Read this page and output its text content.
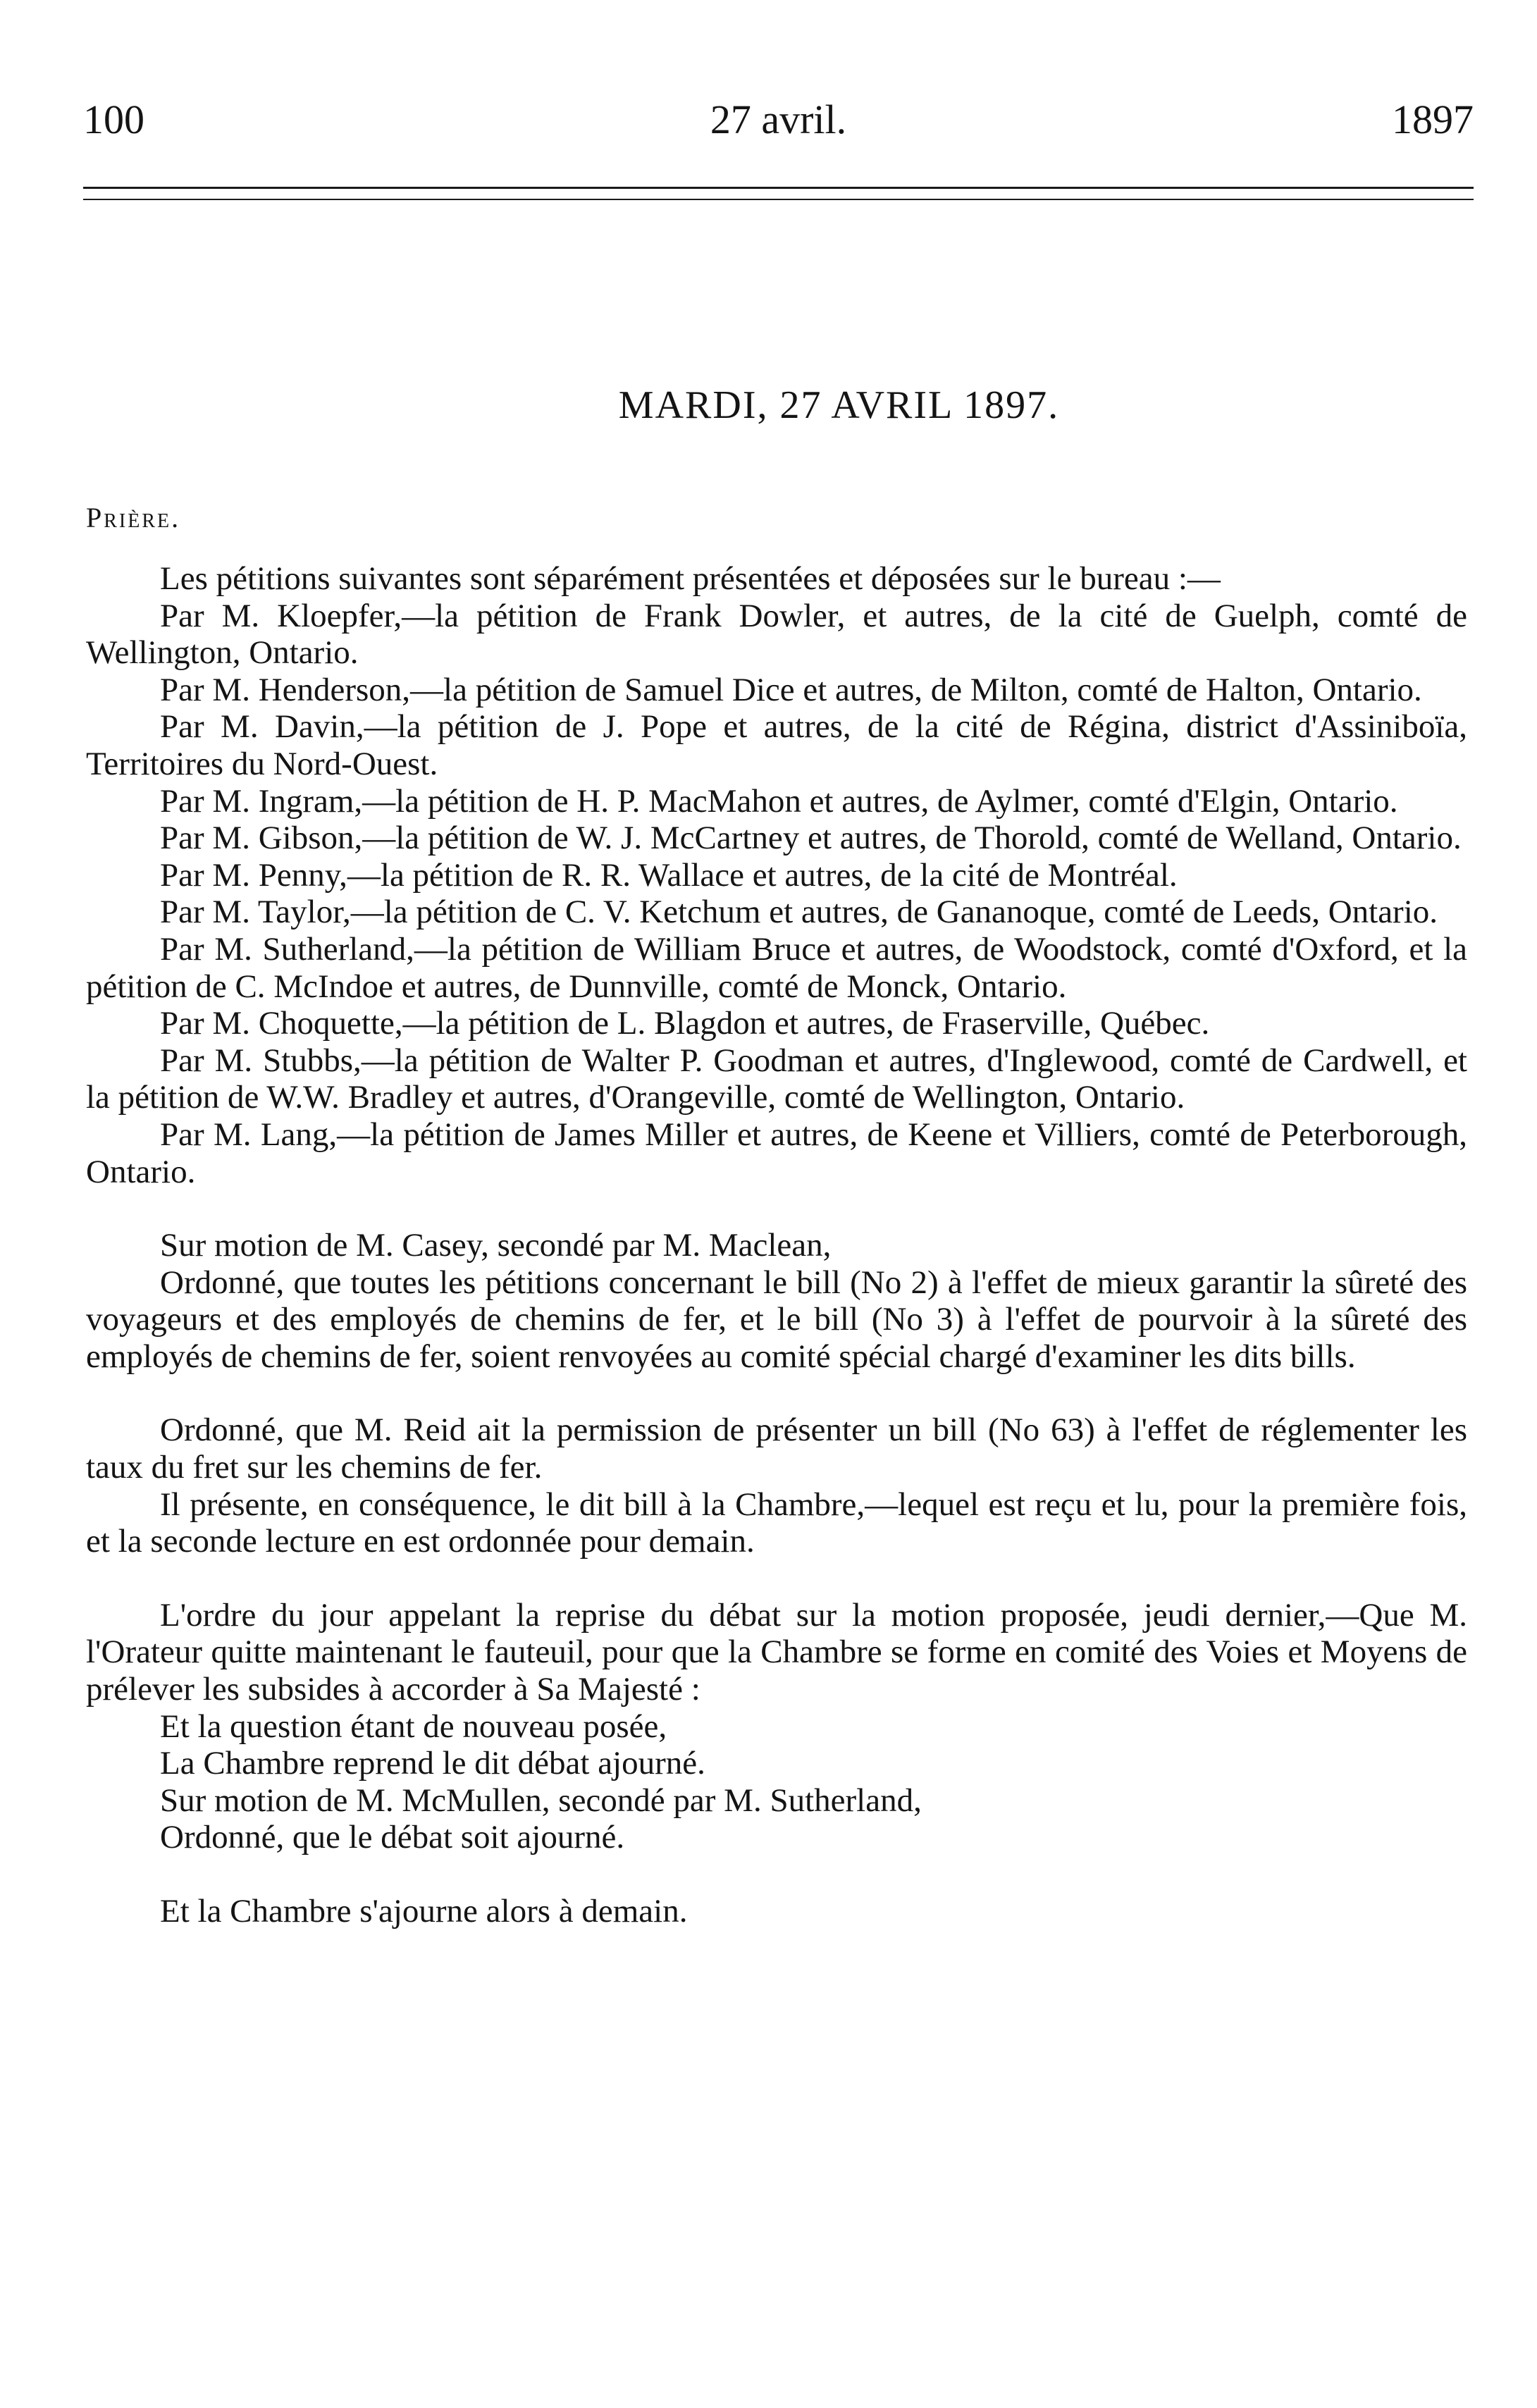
100	27 avril.	1897
MARDI, 27 AVRIL 1897.
Prière.

Les pétitions suivantes sont séparément présentées et déposées sur le bureau :—

Par M. Kloepfer,—la pétition de Frank Dowler, et autres, de la cité de Guelph, comté de Wellington, Ontario.

Par M. Henderson,—la pétition de Samuel Dice et autres, de Milton, comté de Halton, Ontario.

Par M. Davin,—la pétition de J. Pope et autres, de la cité de Régina, district d'Assiniboïa, Territoires du Nord-Ouest.

Par M. Ingram,—la pétition de H. P. MacMahon et autres, de Aylmer, comté d'Elgin, Ontario.

Par M. Gibson,—la pétition de W. J. McCartney et autres, de Thorold, comté de Welland, Ontario.

Par M. Penny,—la pétition de R. R. Wallace et autres, de la cité de Montréal.

Par M. Taylor,—la pétition de C. V. Ketchum et autres, de Gananoque, comté de Leeds, Ontario.

Par M. Sutherland,—la pétition de William Bruce et autres, de Woodstock, comté d'Oxford, et la pétition de C. McIndoe et autres, de Dunnville, comté de Monck, Ontario.

Par M. Choquette,—la pétition de L. Blagdon et autres, de Fraserville, Québec.

Par M. Stubbs,—la pétition de Walter P. Goodman et autres, d'Inglewood, comté de Cardwell, et la pétition de W.W. Bradley et autres, d'Orangeville, comté de Wellington, Ontario.

Par M. Lang,—la pétition de James Miller et autres, de Keene et Villiers, comté de Peterborough, Ontario.

Sur motion de M. Casey, secondé par M. Maclean,

Ordonné, que toutes les pétitions concernant le bill (No 2) à l'effet de mieux garantir la sûreté des voyageurs et des employés de chemins de fer, et le bill (No 3) à l'effet de pourvoir à la sûreté des employés de chemins de fer, soient renvoyées au comité spécial chargé d'examiner les dits bills.

Ordonné, que M. Reid ait la permission de présenter un bill (No 63) à l'effet de réglementer les taux du fret sur les chemins de fer.

Il présente, en conséquence, le dit bill à la Chambre,—lequel est reçu et lu, pour la première fois, et la seconde lecture en est ordonnée pour demain.

L'ordre du jour appelant la reprise du débat sur la motion proposée, jeudi dernier,—Que M. l'Orateur quitte maintenant le fauteuil, pour que la Chambre se forme en comité des Voies et Moyens de prélever les subsides à accorder à Sa Majesté :

Et la question étant de nouveau posée,

La Chambre reprend le dit débat ajourné.

Sur motion de M. McMullen, secondé par M. Sutherland,

Ordonné, que le débat soit ajourné.

Et la Chambre s'ajourne alors à demain.
